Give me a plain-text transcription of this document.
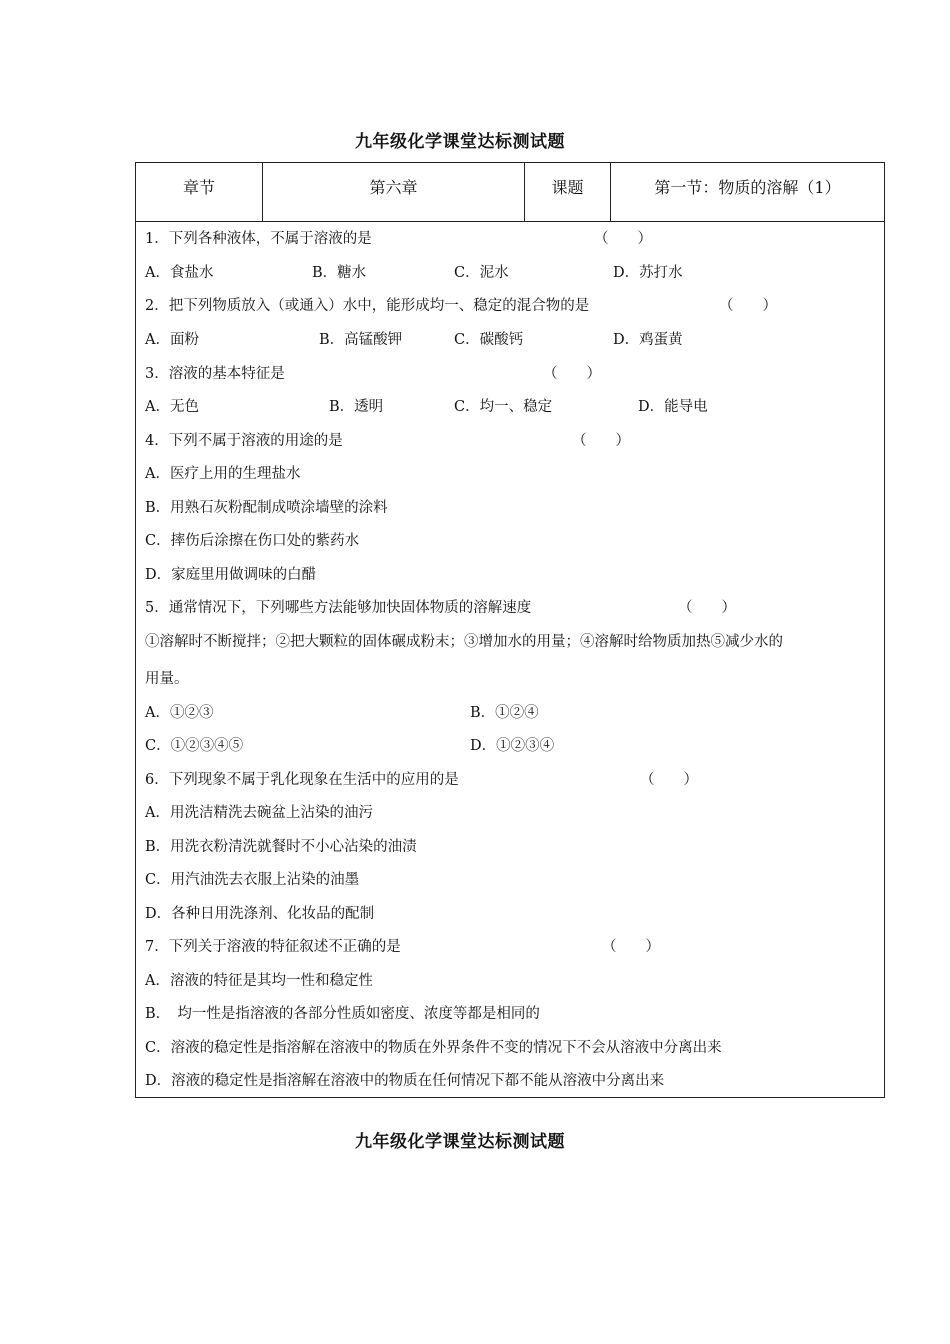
九年级化学课堂达标测试题
章节	第六章	课题	第一节：物质的溶解（1）
1．下列各种液体，不属于溶液的是	（　　）
A．食盐水	B．糖水	C．泥水	D．苏打水
2．把下列物质放入（或通入）水中，能形成均一、稳定的混合物的是	（　　）
A．面粉	B．高锰酸钾	C．碳酸钙	D．鸡蛋黄
3．溶液的基本特征是	（　　）
A．无色	B．透明	C．均一、稳定	D．能导电
4．下列不属于溶液的用途的是	（　　）
A．医疗上用的生理盐水
B．用熟石灰粉配制成喷涂墙壁的涂料
C．摔伤后涂擦在伤口处的紫药水
D．家庭里用做调味的白醋
5．通常情况下，下列哪些方法能够加快固体物质的溶解速度	（　　）
①溶解时不断搅拌；②把大颗粒的固体碾成粉末；③增加水的用量；④溶解时给物质加热⑤减少水的
用量。
A．①②③	B．①②④
C．①②③④⑤	D．①②③④
6．下列现象不属于乳化现象在生活中的应用的是	（　　）
A．用洗洁精洗去碗盆上沾染的油污
B．用洗衣粉清洗就餐时不小心沾染的油渍
C．用汽油洗去衣服上沾染的油墨
D．各种日用洗涤剂、化妆品的配制
7．下列关于溶液的特征叙述不正确的是	（　　）
A．溶液的特征是其均一性和稳定性
B．　均一性是指溶液的各部分性质如密度、浓度等都是相同的
C．溶液的稳定性是指溶解在溶液中的物质在外界条件不变的情况下不会从溶液中分离出来
D．溶液的稳定性是指溶解在溶液中的物质在任何情况下都不能从溶液中分离出来
九年级化学课堂达标测试题
